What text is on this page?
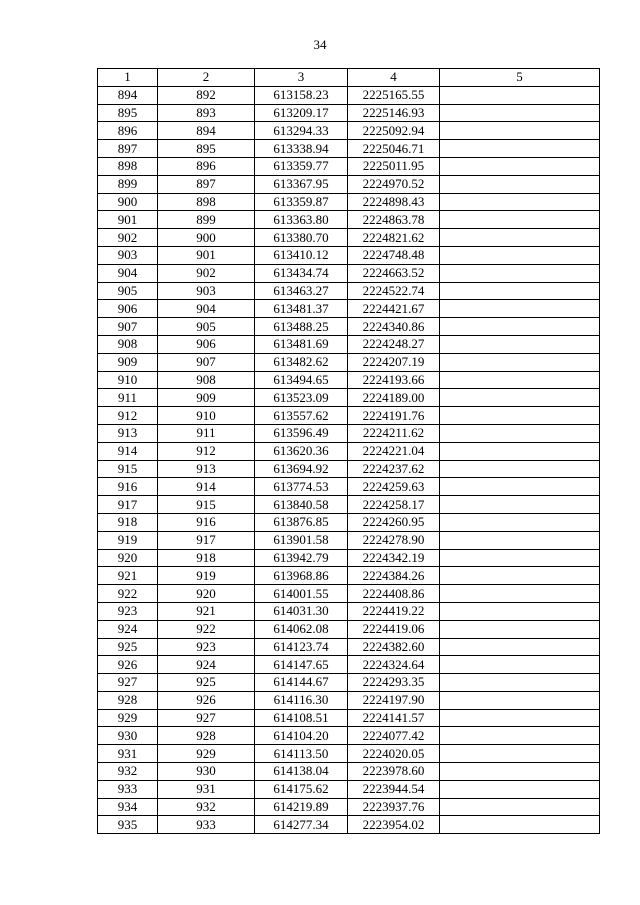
34
1	2	3	4	5
894	892	613158.23	2225165.55	
895	893	613209.17	2225146.93	
896	894	613294.33	2225092.94	
897	895	613338.94	2225046.71	
898	896	613359.77	2225011.95	
899	897	613367.95	2224970.52	
900	898	613359.87	2224898.43	
901	899	613363.80	2224863.78	
902	900	613380.70	2224821.62	
903	901	613410.12	2224748.48	
904	902	613434.74	2224663.52	
905	903	613463.27	2224522.74	
906	904	613481.37	2224421.67	
907	905	613488.25	2224340.86	
908	906	613481.69	2224248.27	
909	907	613482.62	2224207.19	
910	908	613494.65	2224193.66	
911	909	613523.09	2224189.00	
912	910	613557.62	2224191.76	
913	911	613596.49	2224211.62	
914	912	613620.36	2224221.04	
915	913	613694.92	2224237.62	
916	914	613774.53	2224259.63	
917	915	613840.58	2224258.17	
918	916	613876.85	2224260.95	
919	917	613901.58	2224278.90	
920	918	613942.79	2224342.19	
921	919	613968.86	2224384.26	
922	920	614001.55	2224408.86	
923	921	614031.30	2224419.22	
924	922	614062.08	2224419.06	
925	923	614123.74	2224382.60	
926	924	614147.65	2224324.64	
927	925	614144.67	2224293.35	
928	926	614116.30	2224197.90	
929	927	614108.51	2224141.57	
930	928	614104.20	2224077.42	
931	929	614113.50	2224020.05	
932	930	614138.04	2223978.60	
933	931	614175.62	2223944.54	
934	932	614219.89	2223937.76	
935	933	614277.34	2223954.02	
